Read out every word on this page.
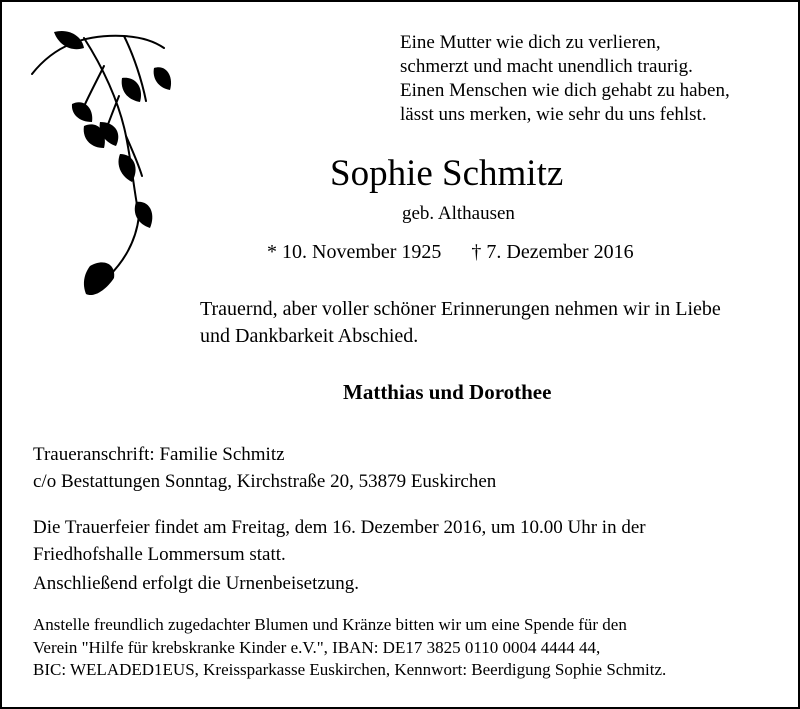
Eine Mutter wie dich zu verlieren,
schmerzt und macht unendlich traurig.
Einen Menschen wie dich gehabt zu haben,
lässt uns merken, wie sehr du uns fehlst.
Sophie Schmitz
geb. Althausen
* 10. November 1925 † 7. Dezember 2016
Trauernd, aber voller schöner Erinnerungen nehmen wir in Liebe
und Dankbarkeit Abschied.
Matthias und Dorothee
Traueranschrift: Familie Schmitz
c/o Bestattungen Sonntag, Kirchstraße 20, 53879 Euskirchen
Die Trauerfeier findet am Freitag, dem 16. Dezember 2016, um 10.00 Uhr in der
Friedhofshalle Lommersum statt.
Anschließend erfolgt die Urnenbeisetzung.
Anstelle freundlich zugedachter Blumen und Kränze bitten wir um eine Spende für den
Verein "Hilfe für krebskranke Kinder e.V.", IBAN: DE17 3825 0110 0004 4444 44,
BIC: WELADED1EUS, Kreissparkasse Euskirchen, Kennwort: Beerdigung Sophie Schmitz.
